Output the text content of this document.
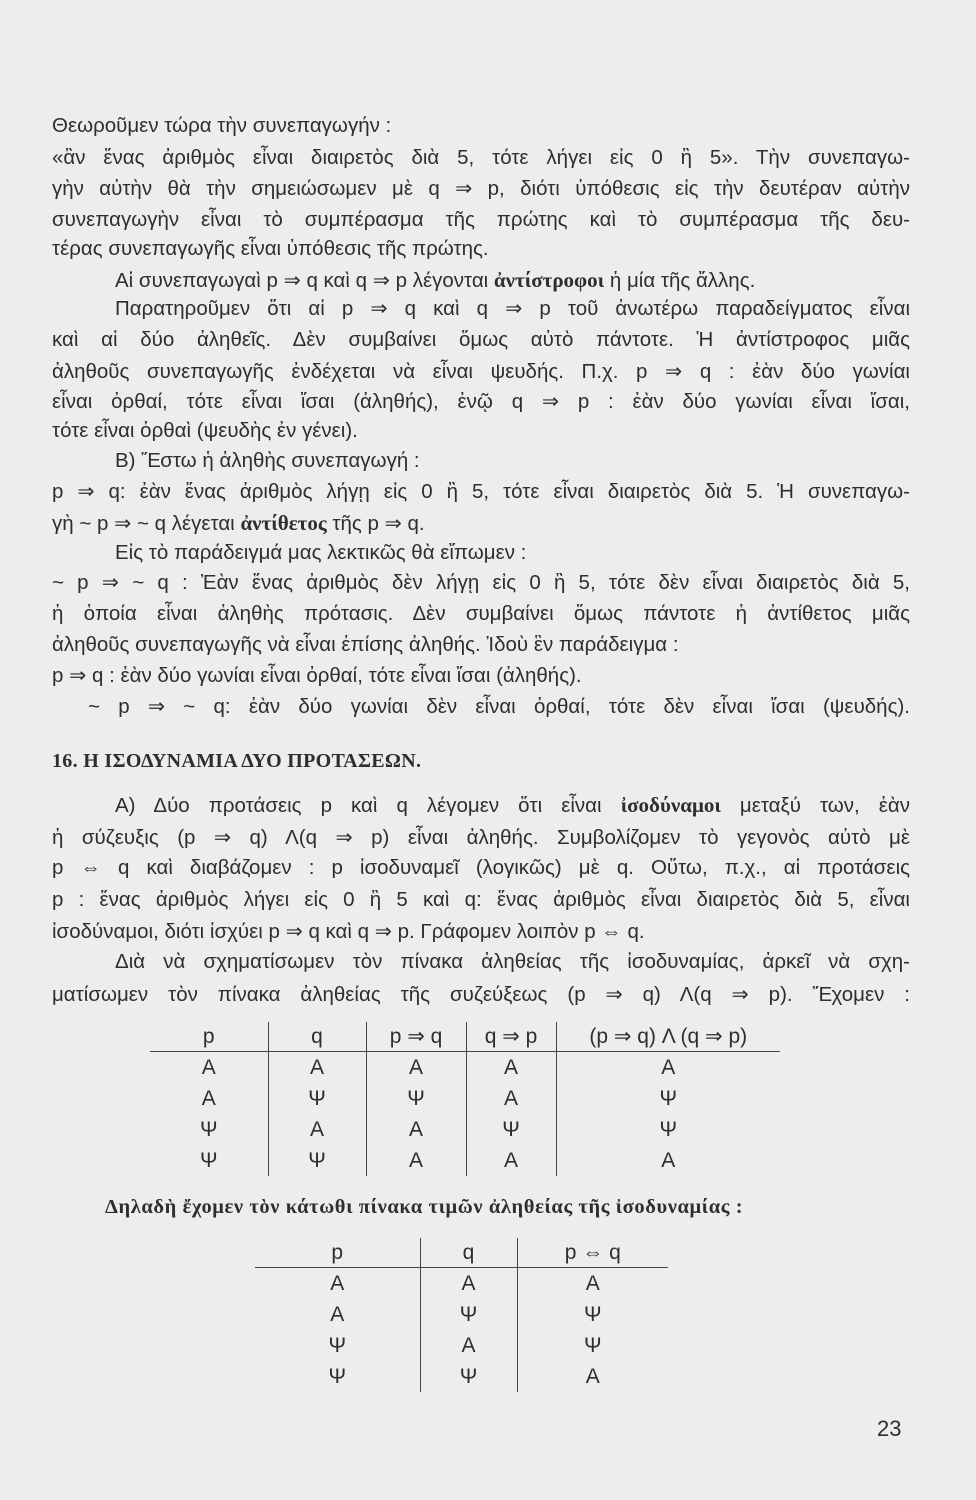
Θεωροῦμεν τώρα τὴν συνεπαγωγήν :
«ἂν ἕνας ἀριθμὸς εἶναι διαιρετὸς διὰ 5, τότε λήγει εἰς 0 ἢ 5». Τὴν συνεπαγω-
γὴν αὐτὴν θὰ τὴν σημειώσωμεν μὲ q ⇒ p, διότι ὑπόθεσις εἰς τὴν δευτέραν αὐτὴν
συνεπαγωγὴν εἶναι τὸ συμπέρασμα τῆς πρώτης καὶ τὸ συμπέρασμα τῆς δευ-
τέρας συνεπαγωγῆς εἶναι ὑπόθεσις τῆς πρώτης.
Αἱ συνεπαγωγαὶ p ⇒ q καὶ q ⇒ p λέγονται ἀντίστροφοι ἡ μία τῆς ἄλλης.
Παρατηροῦμεν ὅτι αἱ p ⇒ q καὶ q ⇒ p τοῦ ἀνωτέρω παραδείγματος εἶναι
καὶ αἱ δύο ἀληθεῖς. Δὲν συμβαίνει ὅμως αὐτὸ πάντοτε. Ἡ ἀντίστροφος μιᾶς
ἀληθοῦς συνεπαγωγῆς ἐνδέχεται νὰ εἶναι ψευδής. Π.χ. p ⇒ q : ἐὰν δύο γωνίαι
εἶναι ὀρθαί, τότε εἶναι ἴσαι (ἀληθής), ἐνῷ q ⇒ p : ἐὰν δύο γωνίαι εἶναι ἴσαι,
τότε εἶναι ὀρθαὶ (ψευδὴς ἐν γένει).
Β) Ἔστω ἡ ἀληθὴς συνεπαγωγή :
p ⇒ q: ἐὰν ἕνας ἀριθμὸς λήγῃ εἰς 0 ἢ 5, τότε εἶναι διαιρετὸς διὰ 5. Ἡ συνεπαγω-
γὴ ~ p ⇒ ~ q λέγεται ἀντίθετος τῆς p ⇒ q.
Εἰς τὸ παράδειγμά μας λεκτικῶς θὰ εἴπωμεν :
~ p ⇒ ~ q : Ἐὰν ἕνας ἀριθμὸς δὲν λήγῃ εἰς 0 ἢ 5, τότε δὲν εἶναι διαιρετὸς διὰ 5,
ἡ ὁποία εἶναι ἀληθὴς πρότασις. Δὲν συμβαίνει ὅμως πάντοτε ἡ ἀντίθετος μιᾶς
ἀληθοῦς συνεπαγωγῆς νὰ εἶναι ἐπίσης ἀληθής. Ἰδοὺ ἓν παράδειγμα :
p ⇒ q : ἐὰν δύο γωνίαι εἶναι ὀρθαί, τότε εἶναι ἴσαι (ἀληθής).
~ p ⇒ ~ q: ἐὰν δύο γωνίαι δὲν εἶναι ὀρθαί, τότε δὲν εἶναι ἴσαι (ψευδής).
Α) Δύο προτάσεις p καὶ q λέγομεν ὅτι εἶναι ἰσοδύναμοι μεταξύ των, ἐὰν
ἡ σύζευξις (p ⇒ q) Λ(q ⇒ p) εἶναι ἀληθής. Συμβολίζομεν τὸ γεγονὸς αὐτὸ μὲ
p ⇔ q καὶ διαβάζομεν : p ἰσοδυναμεῖ (λογικῶς) μὲ q. Οὕτω, π.χ., αἱ προτάσεις
p : ἕνας ἀριθμὸς λήγει εἰς 0 ἢ 5 καὶ q: ἕνας ἀριθμὸς εἶναι διαιρετὸς διὰ 5, εἶναι
ἰσοδύναμοι, διότι ἰσχύει p ⇒ q καὶ q ⇒ p. Γράφομεν λοιπὸν p ⇔ q.
Διὰ νὰ σχηματίσωμεν τὸν πίνακα ἀληθείας τῆς ἰσοδυναμίας, ἀρκεῖ νὰ σχη-
ματίσωμεν τὸν πίνακα ἀληθείας τῆς συζεύξεως (p ⇒ q) Λ(q ⇒ p). Ἔχομεν :
16. Η ΙΣΟΔΥΝΑΜΙΑ ΔΥΟ ΠΡΟΤΑΣΕΩΝ.
p	q	p ⇒ q	q ⇒ p	(p ⇒ q) Λ (q ⇒ p)
Α	Α	Α	Α	Α
Α	Ψ	Ψ	Α	Ψ
Ψ	Α	Α	Ψ	Ψ
Ψ	Ψ	Α	Α	Α
Δηλαδὴ ἔχομεν τὸν κάτωθι πίνακα τιμῶν ἀληθείας τῆς ἰσοδυναμίας :
p	q	p ⇔ q
Α	Α	Α
Α	Ψ	Ψ
Ψ	Α	Ψ
Ψ	Ψ	Α
23
